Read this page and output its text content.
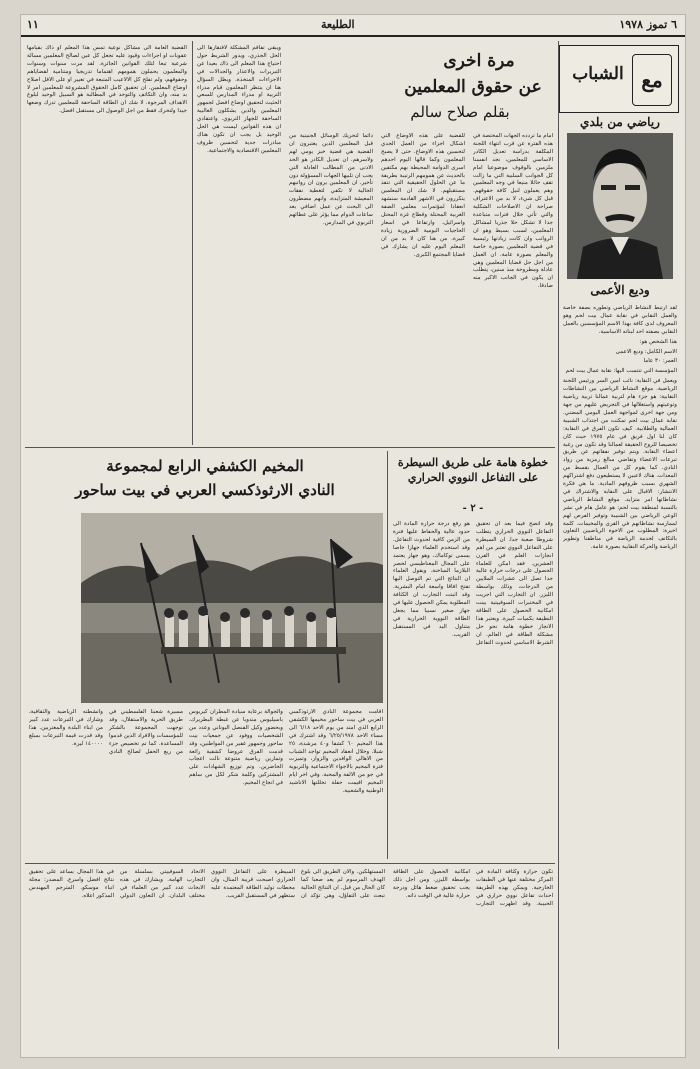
١١	الطليعة	٦ تموز ١٩٧٨
مع
الشباب
رياضي من بلدي
وديع الأعمى

لقد ارتبط النشاط الرياضي وتطوره بصفة خاصة والعمل النقابي في نقابة عمال بيت لحم وهو المعروف لدى كافة بهذا الاسم المؤسسين بالعمل النقابي بصفته احد لبناته الاساسية.

هذا الشخص هو:

الاسم الكامل: وديع الاعمى

العمر: ٣٠ عاما

المؤسسة التي تنتسب اليها: نقابة عمال بيت لحم

ويعمل في النقابة: نائب امين السر ورئيس اللجنة الرياضية. موقع النشاط الرياضي بين النشاطات النقابية: هو جزء هام لتربية عمالنا تربية رياضية وتوعيتهم واستغلالها في التحريض عليهم من جهة ومن جهة اخرى لمواجهة العمل اليومي المضني. نقابة عمال بيت لحم تمكنت من اجتذاب الشبيبة العمالية والطلابية. كيف تكون الفرق في النقابة: كان لنا اول فريق في عام ١٩٧٥ حيث كان تخصيصا للروح الحقيقة لعمالنا وقد تكون من رغبة اعضاء النقابة. ويتم توفير نفقاتهم عن طريق تبرعات الاعضاء وتقاضي مبالغ رمزية من رواد النادي. كما يقوم كل من العمال بقسط من المعدات. هناك لاعبين لا يستطيعون دفع اشتراكهم الشهري بسبب ظروفهم المادية. ما هي فكرة الانتشار: الاقبال على النقابة والاشتراك في نشاطاتها امر متزايد. موقع النشاط الرياضي بالنسبة لمنطقة بيت لحم: هو عامل هام في نشر الوعي الرياضي بين الشبيبة وتوفير الفرص لهم لممارسة نشاطاتهم في القرى والمخيمات. كلمة اخيرة: المطلوب من الاخوة الرياضيين التعاون بالتكاتف لخدمة الرياضة في مناطقنا وتطوير الرياضة والحركة النقابية بصورة عامة.

مرة اخرى
عن حقوق المعلمين
بقلم صلاح سالم
امام ما تردده الجهات المختصة في هذه الفترة عن قرب انتهاء اللجنة المكلفة بدراسة تعديل الكادر الاساسي للمعلمين، نجد انفسنا ملزمين بالوقوف موضوعيا امام كل الجوانب السلبية التي ما زالت تقف حائلا منيعا في وجه المعلمين وهم يعملون لنيل كافة حقوقهم. قبل كل شيء، لا بد من الاعتراف صراحة ان الاصلاحات الشكلية والتي تأتي خلال فترات متباعدة جدا لا تشكل حلا جذريا لمشاكل المعلمين، لسبب بسيط وهو ان الرواتب وان كانت زيادتها رئيسية في قضية المعلمين بصورة خاصة والمعلم بصورة عامة. ان العمل من اجل حل قضايا المعلمين وهي عادلة ومطروحة منذ سنين، يتطلب ان يكون في الجانب الاكبر منه صادقا.
للقضية على هذه الاوضاع التي اشكال اجزاء من العمل الجدي لتحسين هذه الاوضاع. حتى لا يصبح المعلمون وكما قالها اليوم احدهم اسرى الدوامة المحيطة بهم مكتفين بالحديث عن همومهم الرتيبة بطريقة ما عن الحلول الحقيقية التي تنقذ مستقبلهم. لا شك ان المعلمين يتكررون في الاشهر القادمة سنشهد انعقادا لمؤتمرات معلمي الضفة الغربية المحتلة وقطاع غزة المحتل واسرائيل، وارتفاعا في اسعار الحاجيات اليومية الضرورية زيادة كبيرة. من هنا كان لا بد من ان المعلم اليوم عليه ان يشارك في قضايا المجتمع الكبرى.
دائما لتحريك الوسائل الجنينية من قبل المعلمين الذين يعتبرون ان القضية هي قضية خبز يومي لهم ولاسرهم. ان تعديل الكادر هو الحد الادنى من المطالب العادلة التي يجب ان تلبيها الجهات المسؤولة دون تأخير. ان المعلمين يرون ان رواتبهم الحالية لا تكفي لتغطية نفقات المعيشة المتزايدة، وانهم مضطرون الى البحث عن عمل اضافي بعد ساعات الدوام مما يؤثر على عطائهم التربوي في المدارس.
ويبقى تفاقم المشكلة لافتقارها الى الحل الجذري، ويدور الشريط حول احتياج هذا المعلم الى ذاك بعيدا عن التبريرات والاعذار والجدالات في الاجراءات المتخذة. ويظل السؤال هنا ان ينتظر المعلمون قيام مدراء التربية او مدراء المدارس للسعي الحثيث لتحقيق اوضاع افضل لجمهور المعلمين والذين يشكلون الغالبية الساحقة للجهاز التربوي. واعتقادي ان هذه القوانين ليست هي الحل الوحيد بل يجب ان تكون هناك مبادرات جدية لتحسين ظروف المعلمين الاقتصادية والاجتماعية.
القضية العامة الى مشاكل نوعية تمس هذا المعلم او ذاك بقيامها عقوبات او اجراءات وقيود عليه تجعل كل عين لصالح المعلمين مسالة شرعية تبعا لتلك القوانين الجائرة. لقد مرت سنوات وسنوات والمعلمون يحملون همومهم اهتماما تدريجيا ومتنامية لقضاياهم وحقوقهم، ولم تفلح كل الالاعيب المتبعة في تغيير او على الاقل اصلاح اوضاع المعلمين. ان تحقيق كامل الحقوق المشروعة للمعلمين امر لا بد منه، وان التكاتف والتوحد في المطالبة هو السبيل الوحيد لبلوغ الاهداف المرجوة. لا شك ان الطاقة الساحقة للمعلمين تدرك وضعها جيدا ولتحرك فقط من اجل الوصول الى مستقبل افضل.
خطوة هامة على طريق السيطرة على التفاعل النووي الحراري
- ٢ -
وقد اتضح فيما بعد ان تحقيق التفاعل النووي الحراري يتطلب شروطا صعبة جدا. ان السيطرة على التفاعل النووي تعتبر من اهم انجازات العلم في القرن العشرين. فقد امكن للعلماء الحصول على درجات حرارة عالية جدا تصل الى عشرات الملايين من الدرجات، وذلك بواسطة الليزر. ان التجارب التي اجريت في المختبرات السوفييتية بينت امكانية الحصول على الطاقة النظيفة بكميات كبيرة. ويعتبر هذا الانجاز خطوة هامة نحو حل مشكلة الطاقة في العالم. ان الشرط الاساسي لحدوث التفاعل هو رفع درجة حرارة المادة الى حدود عالية والحفاظ عليها فترة من الزمن كافية لحدوث التفاعل. وقد استخدم العلماء جهازا خاصا يسمى توكاماك، وهو جهاز يعتمد على المجال المغناطيسي لحصر البلازما الساخنة. ويقول العلماء ان النتائج التي تم التوصل اليها تفتح افاقا واسعة امام البشرية. وقد اثبتت التجارب ان الكثافة المطلوبة يمكن الحصول عليها في جهاز صغير نسبيا مما يجعل الطاقة النووية الحرارية في متناول اليد في المستقبل القريب.
المخيم الكشفي الرابع لمجموعة
النادي الارثوذكسي العربي في بيت ساحور
اقامت مجموعة النادي الارثوذكسي العربي في بيت ساحور مخيمها الكشفي الرابع الذي امتد من يوم الاحد ٦/١٨ الى مساء الاحد ٦/٢٥/١٩٧٨ وقد اشترك في هذا المخيم ٦٠ كشفا و٤٠ مرشدة، ٢٥ شبلا. وخلال انعقاد المخيم تواجد الشباب من الاهالي الوافدين والزوار، وتميزت فترة المخيم بالاجواء الاجتماعية والتربوية في جو من الالفة والمحبة. وفي اخر ايام المخيم اقيمت حفلة تخللتها الاناشيد الوطنية والشعبية.
والجوالة برعاية سيادة المطران كيريوس باسيليوس مندوبا عن غبطة البطريرك، وبحضور وكيل الفنصل اليوناني وعدد من الشخصيات ووفود عن جمعيات بيت ساحور وجمهور غفير من المواطنين، وقد قدمت الفرق عروضا كشفية رائعة وتمارين رياضية متنوعة نالت اعجاب الحاضرين. وتم توزيع الشهادات على المشتركين وكلمة شكر لكل من ساهم في انجاح المخيم.
مسيرة شعبنا الفلسطيني في طريق الحرية والاستقلال، وقد توجهت المجموعة بالشكر للمؤسسات والافراد الذين قدموا المساعدة. كما تم تخصيص جزء من ريع الحفل لصالح النادي وانشطته الرياضية والثقافية، وشارك في التبرعات عدد كبير من ابناء البلدة والمغتربين. هذا وقد قدرت قيمة التبرعات بمبلغ ١٤٠٠٠٠ ليرة.
تكون حرارة وكثافة المادة في المركز مختلفة عنها في الطبقات الخارجية. ويمكن بهذه الطريقة احداث تفاعل نووي حراري في الحبيبة. وقد اظهرت التجارب امكانية الحصول على الطاقة بواسطة الليزر. ومن اجل ذلك يجب تحقيق ضغط هائل ودرجة حرارة عالية في الوقت ذاته.
المستهلكين. والآن الطريق الى بلوغ الهدف المرسوم لم يعد صعبا كما كان الحال من قبل. ان النتائج الحالية تبعث على التفاؤل، وهي تؤكد ان السيطرة على التفاعل النووي الحراري اصبحت قريبة المنال، وان محطات توليد الطاقة المعتمدة عليه ستظهر في المستقبل القريب.
الاتحاد السوفييتي بسلسلة من التجارب الهامة. ويشارك في هذه الابحاث عدد كبير من العلماء في مختلف البلدان. ان التعاون الدولي في هذا المجال يساعد على تحقيق نتائج افضل واسرع. المصدر: مجلة انباء موسكو. المترجم المهندس المذكور اعلاه.
